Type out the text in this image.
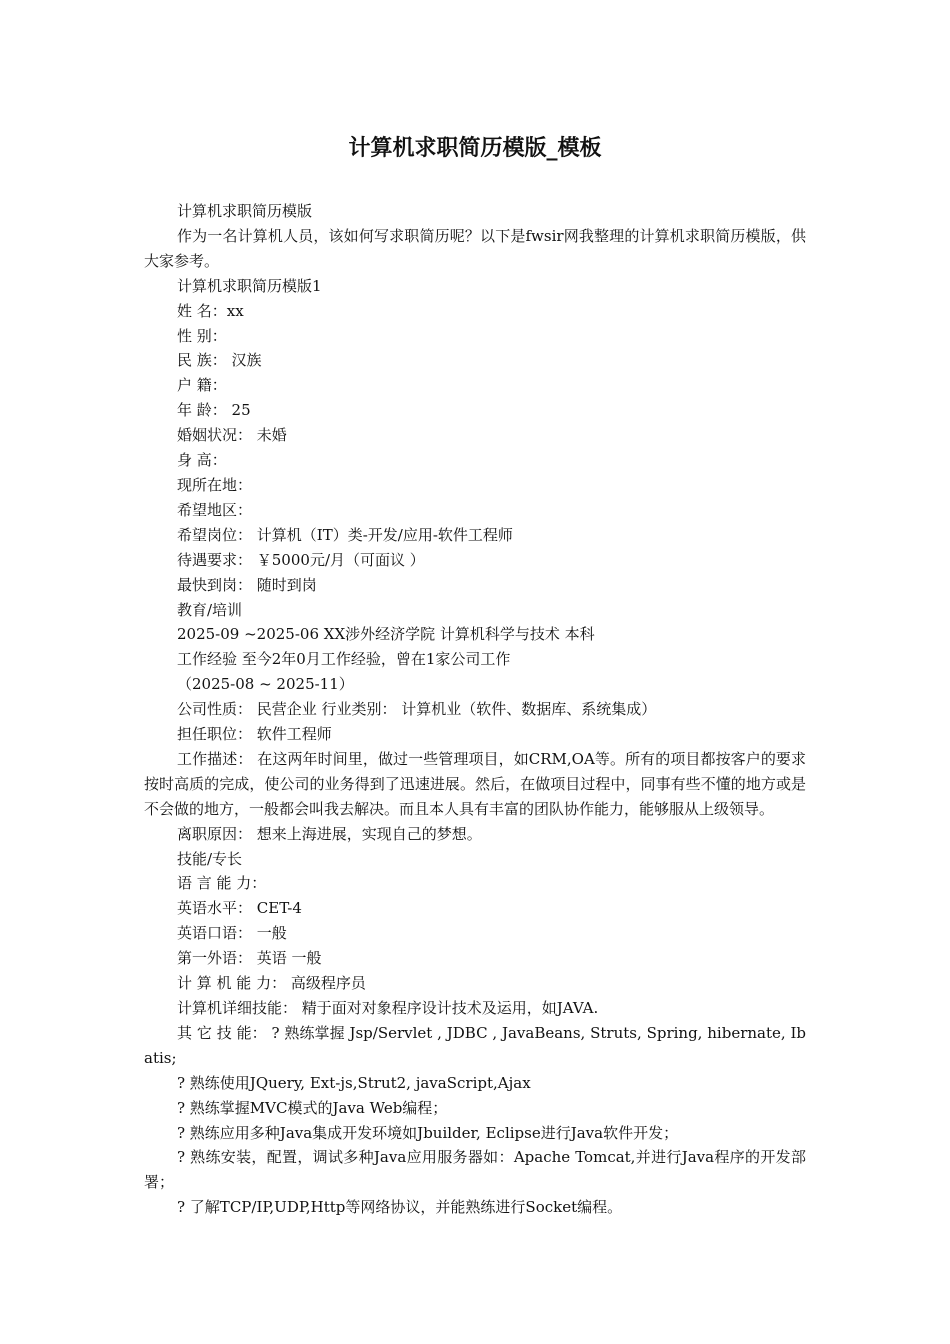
计算机求职简历模版_模板

计算机求职简历模版

作为一名计算机人员，该如何写求职简历呢？以下是fwsir网我整理的计算机求职简历模版，供大家参考。

计算机求职简历模版1

姓 名：xx

性 别：

民 族： 汉族

户 籍：

年 龄： 25

婚姻状况： 未婚

身 高：

现所在地：

希望地区：

希望岗位： 计算机（IT）类-开发/应用-软件工程师

待遇要求： ￥5000元/月（可面议 ）

最快到岗： 随时到岗

教育/培训

2025-09 ~2025-06 XX涉外经济学院 计算机科学与技术 本科

工作经验 至今2年0月工作经验，曾在1家公司工作

（2025-08 ~ 2025-11）

公司性质： 民营企业 行业类别： 计算机业（软件、数据库、系统集成）

担任职位： 软件工程师

工作描述： 在这两年时间里，做过一些管理项目，如CRM,OA等。所有的项目都按客户的要求按时高质的完成，使公司的业务得到了迅速进展。然后，在做项目过程中，同事有些不懂的地方或是不会做的地方，一般都会叫我去解决。而且本人具有丰富的团队协作能力，能够服从上级领导。

离职原因： 想来上海进展，实现自己的梦想。

技能/专长

语 言 能 力：

英语水平： CET-4

英语口语： 一般

第一外语： 英语 一般

计 算 机 能 力： 高级程序员

计算机详细技能： 精于面对对象程序设计技术及运用，如JAVA.

其 它 技 能： ? 熟练掌握 Jsp/Servlet , JDBC , JavaBeans, Struts, Spring, hibernate, Ibatis;

? 熟练使用JQuery, Ext-js,Strut2, javaScript,Ajax

? 熟练掌握MVC模式的Java Web编程；

? 熟练应用多种Java集成开发环境如Jbuilder, Eclipse进行Java软件开发；

? 熟练安装，配置，调试多种Java应用服务器如：Apache Tomcat,并进行Java程序的开发部署；

? 了解TCP/IP,UDP,Http等网络协议，并能熟练进行Socket编程。
